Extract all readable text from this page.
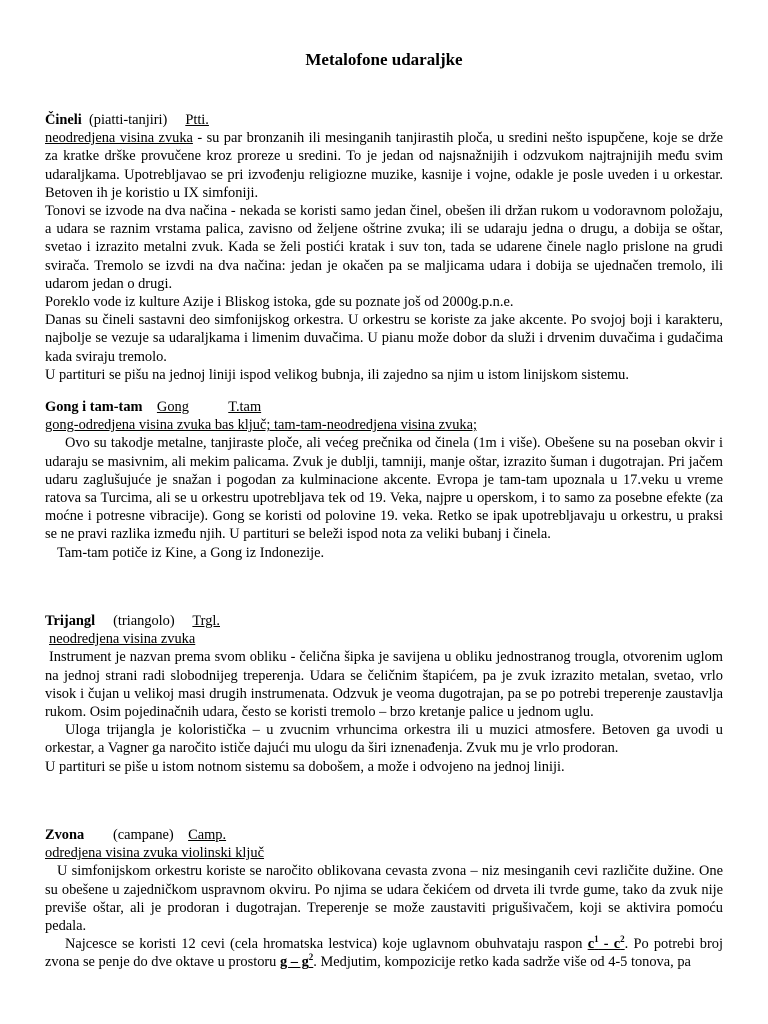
Metalofone udaraljke
Čineli (piatti-tanjiri) Ptti.

neodredjena visina zvuka - su par bronzanih ili mesinganih tanjirastih ploča, u sredini nešto ispupčene, koje se drže za kratke drške provučene kroz proreze u sredini. To je jedan od najsnažnijih i odzvukom najtrajnijih među svim udaraljkama. Upotrebljavao se pri izvođenju religiozne muzike, kasnije i vojne, odakle je posle uveden i u orkestar. Betoven ih je koristio u IX simfoniji.

Tonovi se izvode na dva načina - nekada se koristi samo jedan činel, obešen ili držan rukom u vodoravnom položaju, a udara se raznim vrstama palica, zavisno od željene oštrine zvuka; ili se udaraju jedna o drugu, a dobija se oštar, svetao i izrazito metalni zvuk. Kada se želi postići kratak i suv ton, tada se udarene činele naglo prislone na grudi svirača. Tremolo se izvdi na dva načina: jedan je okačen pa se maljicama udara i dobija se ujednačen tremolo, ili udarom jedan o drugi.

Poreklo vode iz kulture Azije i Bliskog istoka, gde su poznate još od 2000g.p.n.e.

Danas su čineli sastavni deo simfonijskog orkestra. U orkestru se koriste za jake akcente. Po svojoj boji i karakteru, najbolje se vezuje sa udaraljkama i limenim duvačima. U pianu može dobor da služi i drvenim duvačima i gudačima kada sviraju tremolo.

U partituri se pišu na jednoj liniji ispod velikog bubnja, ili zajedno sa njim u istom linijskom sistemu.

Gong i tam-tam Gong	T.tam
gong-odredjena visina zvuka bas ključ; tam-tam-neodredjena visina zvuka;

Ovo su takodje metalne, tanjiraste ploče, ali većeg prečnika od činela (1m i više). Obešene su na poseban okvir i udaraju se masivnim, ali mekim palicama. Zvuk je dublji, tamniji, manje oštar, izrazito šuman i dugotrajan. Pri jačem udaru zaglušujuće je snažan i pogodan za kulminacione akcente. Evropa je tam-tam upoznala u 17.veku u vreme ratova sa Turcima, ali se u orkestru upotrebljava tek od 19. Veka, najpre u operskom, i to samo za posebne efekte (za moćne i potresne vibracije). Gong se koristi od polovine 19. veka. Retko se ipak upotrebljavaju u orkestru, u praksi se ne pravi razlika između njih. U partituri se beleži ispod nota za veliki bubanj i činela.

Tam-tam potiče iz Kine, a Gong iz Indonezije.

Trijangl (triangolo) Trgl.
neodredjena visina zvuka

Instrument je nazvan prema svom obliku - čelična šipka je savijena u obliku jednostranog trougla, otvorenim uglom na jednoj strani radi slobodnijeg treperenja. Udara se čeličnim štapićem, pa je zvuk izrazito metalan, svetao, vrlo visok i čujan u velikoj masi drugih instrumenata. Odzvuk je veoma dugotrajan, pa se po potrebi treperenje zaustavlja rukom. Osim pojedinačnih udara, često se koristi tremolo – brzo kretanje palice u jednom uglu.

Uloga trijangla je koloristička – u zvucnim vrhuncima orkestra ili u muzici atmosfere. Betoven ga uvodi u orkestar, a Vagner ga naročito ističe dajući mu ulogu da širi iznenađenja. Zvuk mu je vrlo prodoran.

U partituri se piše u istom notnom sistemu sa dobošem, a može i odvojeno na jednoj liniji.

Zvona (campane) Camp.
odredjena visina zvuka violinski ključ

U simfonijskom orkestru koriste se naročito oblikovana cevasta zvona – niz mesinganih cevi različite dužine. One su obešene u zajedničkom uspravnom okviru. Po njima se udara čekićem od drveta ili tvrde gume, tako da zvuk nije previše oštar, ali je prodoran i dugotrajan. Treperenje se može zaustaviti prigušivačem, koji se aktivira pomoću pedala.

Najcesce se koristi 12 cevi (cela hromatska lestvica) koje uglavnom obuhvataju raspon $c^1 - c^2$. Po potrebi broj zvona se penje do dve oktave u prostoru g – $g^2$. Medjutim, kompozicije retko kada sadrže više od 4-5 tonova, pa
